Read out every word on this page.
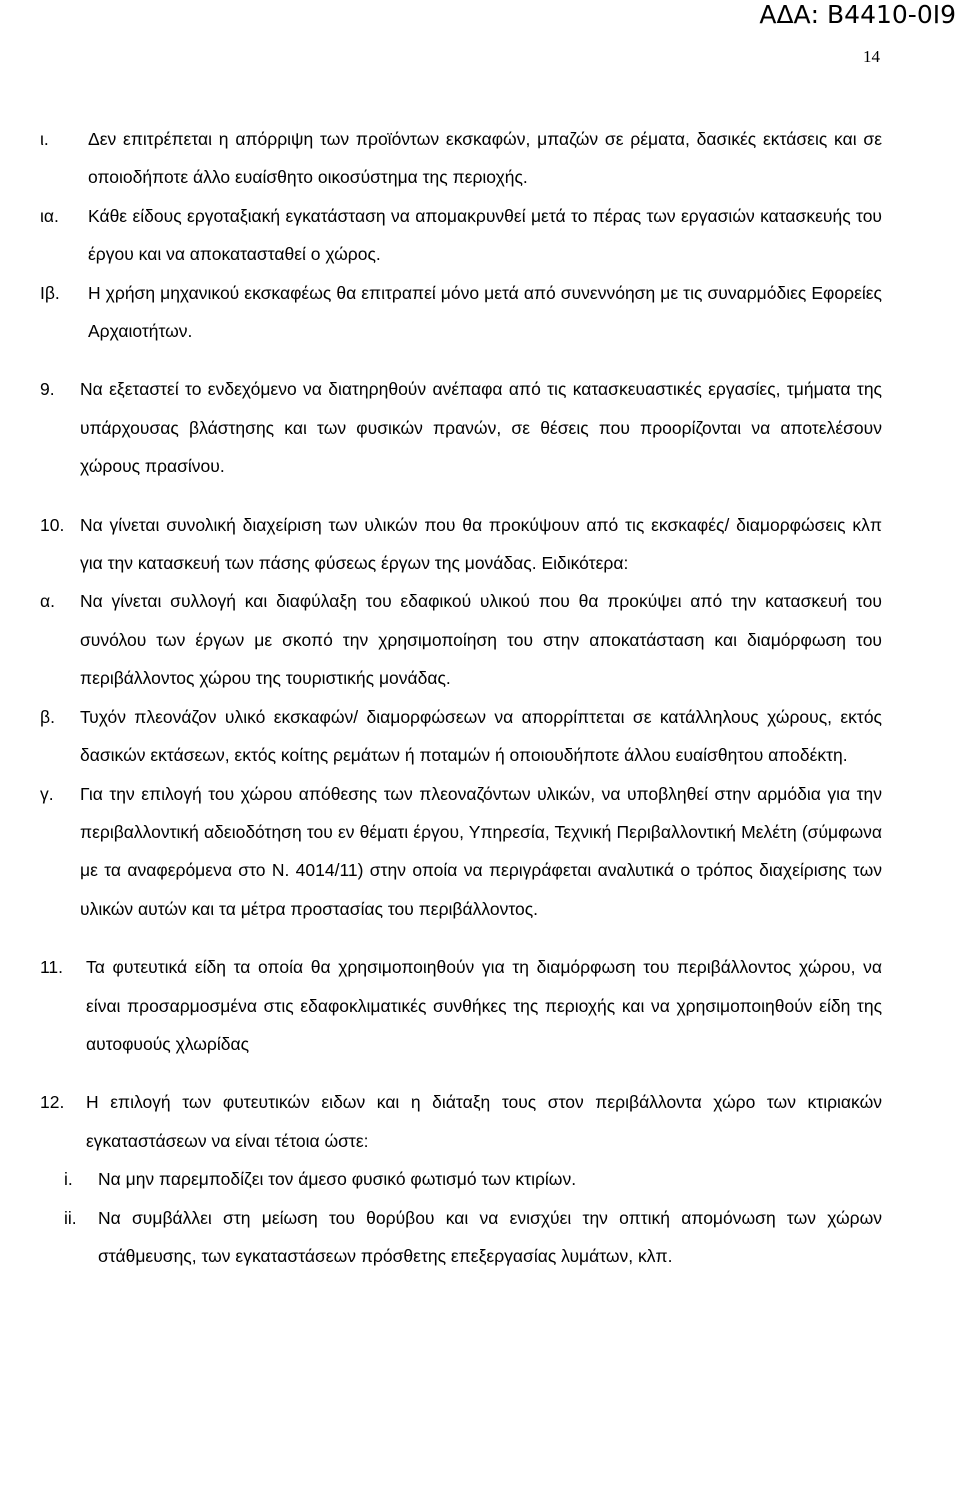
ΑΔΑ: Β4410-0Ι9
14
ι.	Δεν επιτρέπεται η απόρριψη των προϊόντων εκσκαφών, μπαζών σε ρέματα, δασικές εκτάσεις και σε οποιοδήποτε άλλο ευαίσθητο οικοσύστημα της περιοχής.
ια.	Κάθε είδους εργοταξιακή εγκατάσταση να απομακρυνθεί μετά το πέρας των εργασιών κατασκευής του έργου και να αποκατασταθεί ο χώρος.
Ιβ.	Η χρήση μηχανικού εκσκαφέως θα επιτραπεί μόνο μετά από συνεννόηση με τις συναρμόδιες Εφορείες Αρχαιοτήτων.
9.	Να εξεταστεί το ενδεχόμενο να διατηρηθούν ανέπαφα από τις κατασκευαστικές εργασίες, τμήματα της υπάρχουσας βλάστησης και των φυσικών πρανών, σε θέσεις που προορίζονται να αποτελέσουν χώρους πρασίνου.
10. Να γίνεται συνολική διαχείριση των υλικών που θα προκύψουν από τις εκσκαφές/ διαμορφώσεις κλπ για την κατασκευή των πάσης φύσεως έργων της μονάδας. Ειδικότερα:
α.	Να γίνεται συλλογή και διαφύλαξη του εδαφικού υλικού που θα προκύψει από την κατασκευή του συνόλου των έργων με σκοπό την χρησιμοποίηση του στην αποκατάσταση και διαμόρφωση του περιβάλλοντος χώρου της τουριστικής μονάδας.
β.	Τυχόν πλεονάζον υλικό εκσκαφών/ διαμορφώσεων να απορρίπτεται σε κατάλληλους χώρους, εκτός δασικών εκτάσεων, εκτός κοίτης ρεμάτων ή ποταμών ή οποιουδήποτε άλλου ευαίσθητου αποδέκτη.
γ.	Για την επιλογή του χώρου απόθεσης των πλεοναζόντων υλικών, να υποβληθεί στην αρμόδια για την περιβαλλοντική αδειοδότηση του εν θέματι έργου, Υπηρεσία, Τεχνική Περιβαλλοντική Μελέτη (σύμφωνα με τα αναφερόμενα στο Ν. 4014/11) στην οποία να περιγράφεται αναλυτικά ο τρόπος διαχείρισης των υλικών αυτών και τα μέτρα προστασίας του περιβάλλοντος.
11.	Τα φυτευτικά είδη τα οποία θα χρησιμοποιηθούν για τη διαμόρφωση του περιβάλλοντος χώρου, να είναι προσαρμοσμένα στις εδαφοκλιματικές συνθήκες της περιοχής και να χρησιμοποιηθούν είδη της αυτοφυούς χλωρίδας
12.	Η επιλογή των φυτευτικών ειδων και η διάταξη τους στον περιβάλλοντα χώρο των κτιριακών εγκαταστάσεων να είναι τέτοια ώστε:
i.	Να μην παρεμποδίζει τον άμεσο φυσικό φωτισμό των κτιρίων.
ii.	Να συμβάλλει στη μείωση του θορύβου και να ενισχύει την οπτική απομόνωση των χώρων στάθμευσης, των εγκαταστάσεων πρόσθετης επεξεργασίας λυμάτων, κλπ.
